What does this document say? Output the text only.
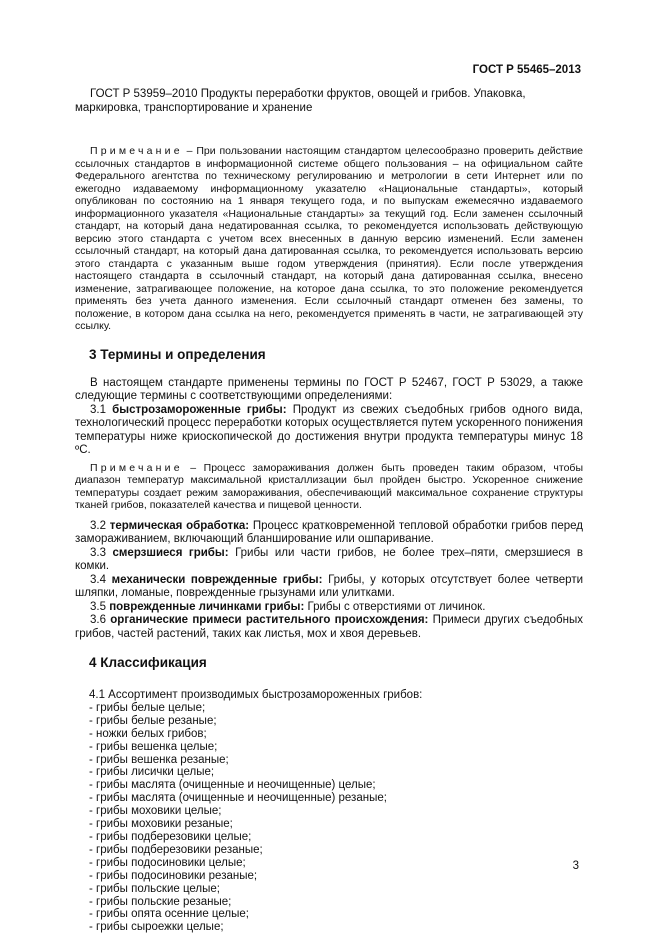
ГОСТ Р 55465–2013

ГОСТ Р 53959–2010 Продукты переработки фруктов, овощей и грибов. Упаковка, маркировка, транспортирование и хранение

Примечание – При пользовании настоящим стандартом целесообразно проверить действие ссылочных стандартов в информационной системе общего пользования – на официальном сайте Федерального агентства по техническому регулированию и метрологии в сети Интернет или по ежегодно издаваемому информационному указателю «Национальные стандарты», который опубликован по состоянию на 1 января текущего года, и по выпускам ежемесячно издаваемого информационного указателя «Национальные стандарты» за текущий год. Если заменен ссылочный стандарт, на который дана недатированная ссылка, то рекомендуется использовать действующую версию этого стандарта с учетом всех внесенных в данную версию изменений. Если заменен ссылочный стандарт, на который дана датированная ссылка, то рекомендуется использовать версию этого стандарта с указанным выше годом утверждения (принятия). Если после утверждения настоящего стандарта в ссылочный стандарт, на который дана датированная ссылка, внесено изменение, затрагивающее положение, на которое дана ссылка, то это положение рекомендуется применять без учета данного изменения. Если ссылочный стандарт отменен без замены, то положение, в котором дана ссылка на него, рекомендуется применять в части, не затрагивающей эту ссылку.

3 Термины и определения

В настоящем стандарте применены термины по ГОСТ Р 52467, ГОСТ Р 53029, а также следующие термины с соответствующими определениями:

3.1 быстрозамороженные грибы: Продукт из свежих съедобных грибов одного вида, технологический процесс переработки которых осуществляется путем ускоренного понижения температуры ниже криоскопической до достижения внутри продукта температуры минус 18 ºС.

Примечание – Процесс замораживания должен быть проведен таким образом, чтобы диапазон температур максимальной кристаллизации был пройден быстро. Ускоренное снижение температуры создает режим замораживания, обеспечивающий максимальное сохранение структуры тканей грибов, показателей качества и пищевой ценности.

3.2 термическая обработка: Процесс кратковременной тепловой обработки грибов перед замораживанием, включающий бланширование или ошпаривание.

3.3 смерзшиеся грибы: Грибы или части грибов, не более трех–пяти, смерзшиеся в комки.

3.4 механически поврежденные грибы: Грибы, у которых отсутствует более четверти шляпки, ломаные, поврежденные грызунами или улитками.

3.5 поврежденные личинками грибы: Грибы с отверстиями от личинок.

3.6 органические примеси растительного происхождения: Примеси других съедобных грибов, частей растений, таких как листья, мох и хвоя деревьев.

4 Классификация

4.1 Ассортимент производимых быстрозамороженных грибов:
- грибы белые целые;
- грибы белые резаные;
- ножки белых грибов;
- грибы вешенка целые;
- грибы вешенка резаные;
- грибы лисички целые;
- грибы маслята (очищенные и неочищенные) целые;
- грибы маслята (очищенные и неочищенные) резаные;
- грибы моховики целые;
- грибы моховики резаные;
- грибы подберезовики целые;
- грибы подберезовики резаные;
- грибы подосиновики целые;
- грибы подосиновики резаные;
- грибы польские целые;
- грибы польские резаные;
- грибы опята осенние целые;
- грибы сыроежки целые;
3
